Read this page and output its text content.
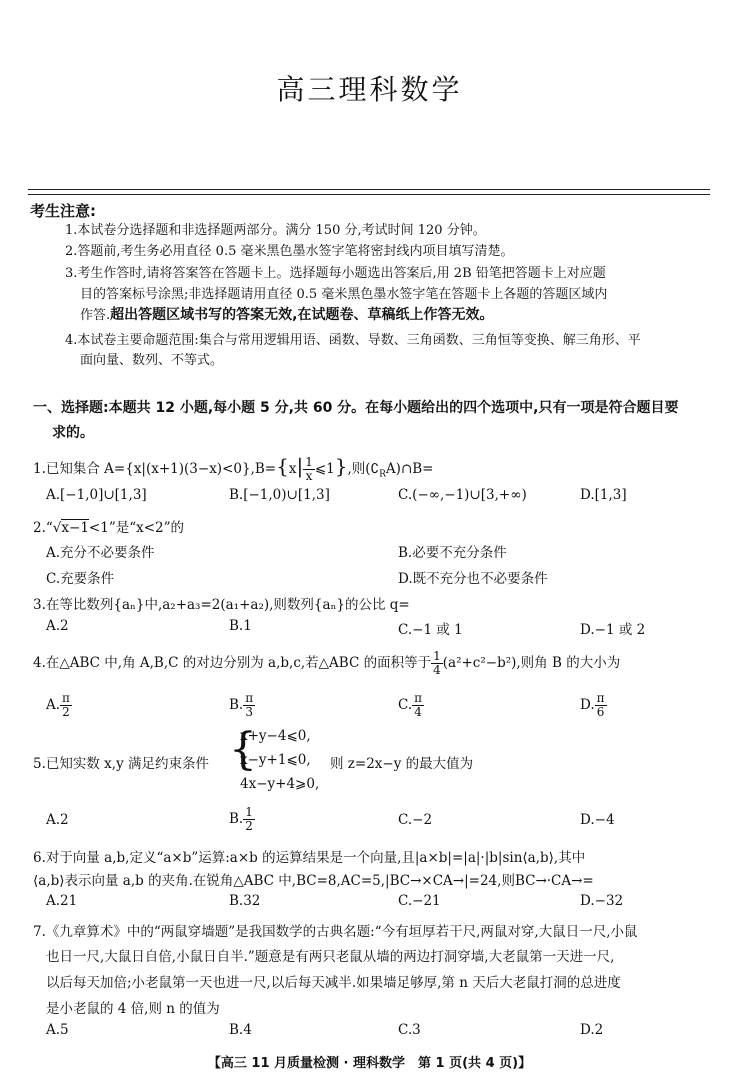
高三理科数学
考生注意:
1.本试卷分选择题和非选择题两部分。满分 150 分,考试时间 120 分钟。
2.答题前,考生务必用直径 0.5 毫米黑色墨水签字笔将密封线内项目填写清楚。
3.考生作答时,请将答案答在答题卡上。选择题每小题选出答案后,用 2B 铅笔把答题卡上对应题
目的答案标号涂黑;非选择题请用直径 0.5 毫米黑色墨水签字笔在答题卡上各题的答题区域内
作答.超出答题区域书写的答案无效,在试题卷、草稿纸上作答无效。
4.本试卷主要命题范围:集合与常用逻辑用语、函数、导数、三角函数、三角恒等变换、解三角形、平
面向量、数列、不等式。
一、选择题:本题共 12 小题,每小题 5 分,共 60 分。在每小题给出的四个选项中,只有一项是符合题目要
求的。
1.已知集合 $A=\{x|(x+1)(3-x)<0\},B=\{x| \frac{1}{x}$ ⩽1},则$(∁_RA)\cap B=$
A.[−1,0]∪[1,3]	B.[−1,0)∪[1,3]	C.(−∞,−1)∪[3,+∞)	D.[1,3]
2.“√x−1<1”是“x<2”的
A.充分不必要条件	B.必要不充分条件
C.充要条件	D.既不充分也不必要条件
3.在等比数列{aₙ}中,a₂+a₃=2(a₁+a₂),则数列{aₙ}的公比 q=
A.2	B.1	C.−1 或 1	D.−1 或 2
4.在△ABC 中,角 A,B,C 的对边分别为 a,b,c,若△ABC 的面积等于 $\frac{1}{4} (a^2+c^2-b^2)$,则角 B 的大小为
A. $\frac{\pi}{2}$	B. $\frac{\pi}{3}$	C. $\frac{\pi}{4}$	D. $\frac{\pi}{6}$
5.已知实数 x,y 满足约束条件 {
x+y−4⩽0,
x−y+1⩽0,
4x−y+4⩾0,
则 z=2x−y 的最大值为
A.2	B. $\frac{1}{2}$	C.−2	D.−4
6.对于向量 a,b,定义“a×b”运算:a×b 的运算结果是一个向量,且|a×b|=|a|·|b|sin⟨a,b⟩,其中
⟨a,b⟩表示向量 a,b 的夹角.在锐角△ABC 中,BC=8,AC=5,|BC→×CA→|=24,则BC→·CA→=
A.21	B.32	C.−21	D.−32
7.《九章算术》中的“两鼠穿墙题”是我国数学的古典名题:“今有垣厚若干尺,两鼠对穿,大鼠日一尺,小鼠
也日一尺,大鼠日自倍,小鼠日自半.”题意是有两只老鼠从墙的两边打洞穿墙,大老鼠第一天进一尺,
以后每天加倍;小老鼠第一天也进一尺,以后每天减半.如果墙足够厚,第 n 天后大老鼠打洞的总进度
是小老鼠的 4 倍,则 n 的值为
A.5	B.4	C.3	D.2
【高三 11 月质量检测 · 理科数学　第 1 页(共 4 页)】
